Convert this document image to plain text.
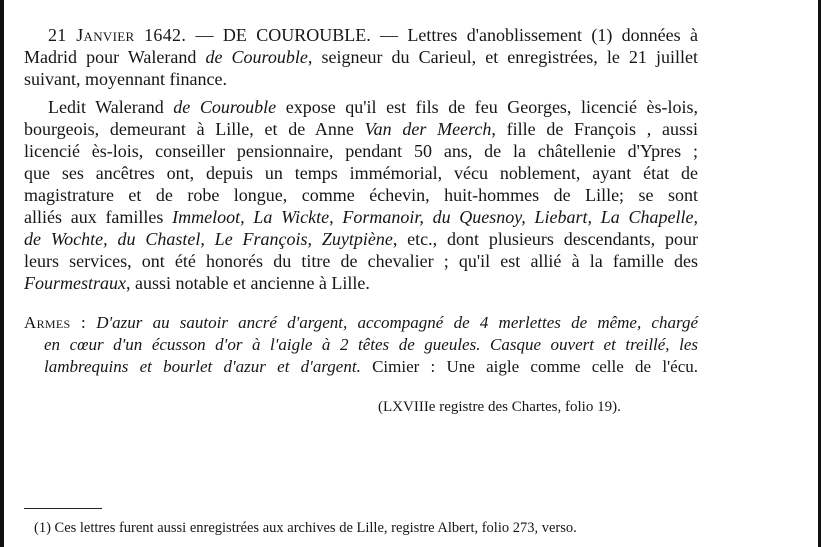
21 Janvier 1642. — DE COUROUBLE. — Lettres d'anoblissement (1) données à
Madrid pour Walerand de Courouble, seigneur du Carieul, et enregistrées, le 21 juillet
suivant, moyennant finance.
Ledit Walerand de Courouble expose qu'il est fils de feu Georges, licencié ès-lois,
bourgeois, demeurant à Lille, et de Anne Van der Meerch, fille de François , aussi
licencié ès-lois, conseiller pensionnaire, pendant 50 ans, de la châtellenie d'Ypres ;
que ses ancêtres ont, depuis un temps immémorial, vécu noblement, ayant état de
magistrature et de robe longue, comme échevin, huit-hommes de Lille; se sont
alliés aux familles Immeloot, La Wickte, Formanoir, du Quesnoy, Liebart, La Chapelle,
de Wochte, du Chastel, Le François, Zuytpiène, etc., dont plusieurs descendants, pour
leurs services, ont été honorés du titre de chevalier ; qu'il est allié à la famille des
Fourmestraux, aussi notable et ancienne à Lille.
Armes : D'azur au sautoir ancré d'argent, accompagné de 4 merlettes de même, chargé
en cœur d'un écusson d'or à l'aigle à 2 têtes de gueules. Casque ouvert et treillé, les
lambrequins et bourlet d'azur et d'argent. Cimier : Une aigle comme celle de l'écu.
(LXVIIIe registre des Chartes, folio 19).
(1) Ces lettres furent aussi enregistrées aux archives de Lille, registre Albert, folio 273, verso.
